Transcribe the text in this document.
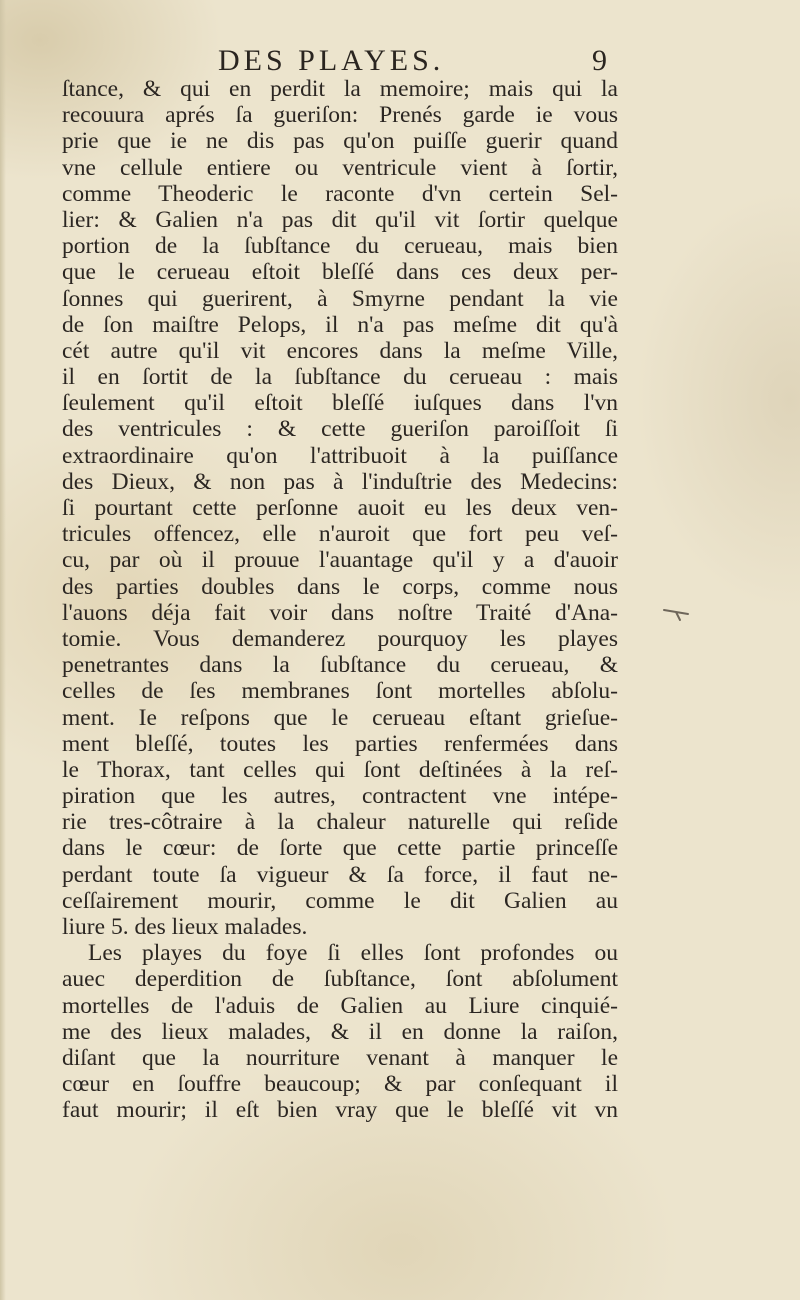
DES PLAYES.	9
ſtance, & qui en perdit la memoire; mais qui la
recouura aprés ſa gueriſon: Prenés garde ie vous
prie que ie ne dis pas qu'on puiſſe guerir quand
vne cellule entiere ou ventricule vient à ſortir,
comme Theoderic le raconte d'vn certein Sel-
lier: & Galien n'a pas dit qu'il vit ſortir quelque
portion de la ſubſtance du cerueau, mais bien
que le cerueau eſtoit bleſſé dans ces deux per-
ſonnes qui guerirent, à Smyrne pendant la vie
de ſon maiſtre Pelops, il n'a pas meſme dit qu'à
cét autre qu'il vit encores dans la meſme Ville,
il en ſortit de la ſubſtance du cerueau : mais
ſeulement qu'il eſtoit bleſſé iuſques dans l'vn
des ventricules : & cette gueriſon paroiſſoit ſi
extraordinaire qu'on l'attribuoit à la puiſſance
des Dieux, & non pas à l'induſtrie des Medecins:
ſi pourtant cette perſonne auoit eu les deux ven-
tricules offencez, elle n'auroit que fort peu veſ-
cu, par où il prouue l'auantage qu'il y a d'auoir
des parties doubles dans le corps, comme nous
l'auons déja fait voir dans noſtre Traité d'Ana-
tomie. Vous demanderez pourquoy les playes
penetrantes dans la ſubſtance du cerueau, &
celles de ſes membranes ſont mortelles abſolu-
ment. Ie reſpons que le cerueau eſtant grieſue-
ment bleſſé, toutes les parties renfermées dans
le Thorax, tant celles qui ſont deſtinées à la reſ-
piration que les autres, contractent vne intépe-
rie tres-côtraire à la chaleur naturelle qui reſide
dans le cœur: de ſorte que cette partie princeſſe
perdant toute ſa vigueur & ſa force, il faut ne-
ceſſairement mourir, comme le dit Galien au
liure 5. des lieux malades.
Les playes du foye ſi elles ſont profondes ou
auec deperdition de ſubſtance, ſont abſolument
mortelles de l'aduis de Galien au Liure cinquié-
me des lieux malades, & il en donne la raiſon,
diſant que la nourriture venant à manquer le
cœur en ſouffre beaucoup; & par conſequant il
faut mourir; il eſt bien vray que le bleſſé vit vn
